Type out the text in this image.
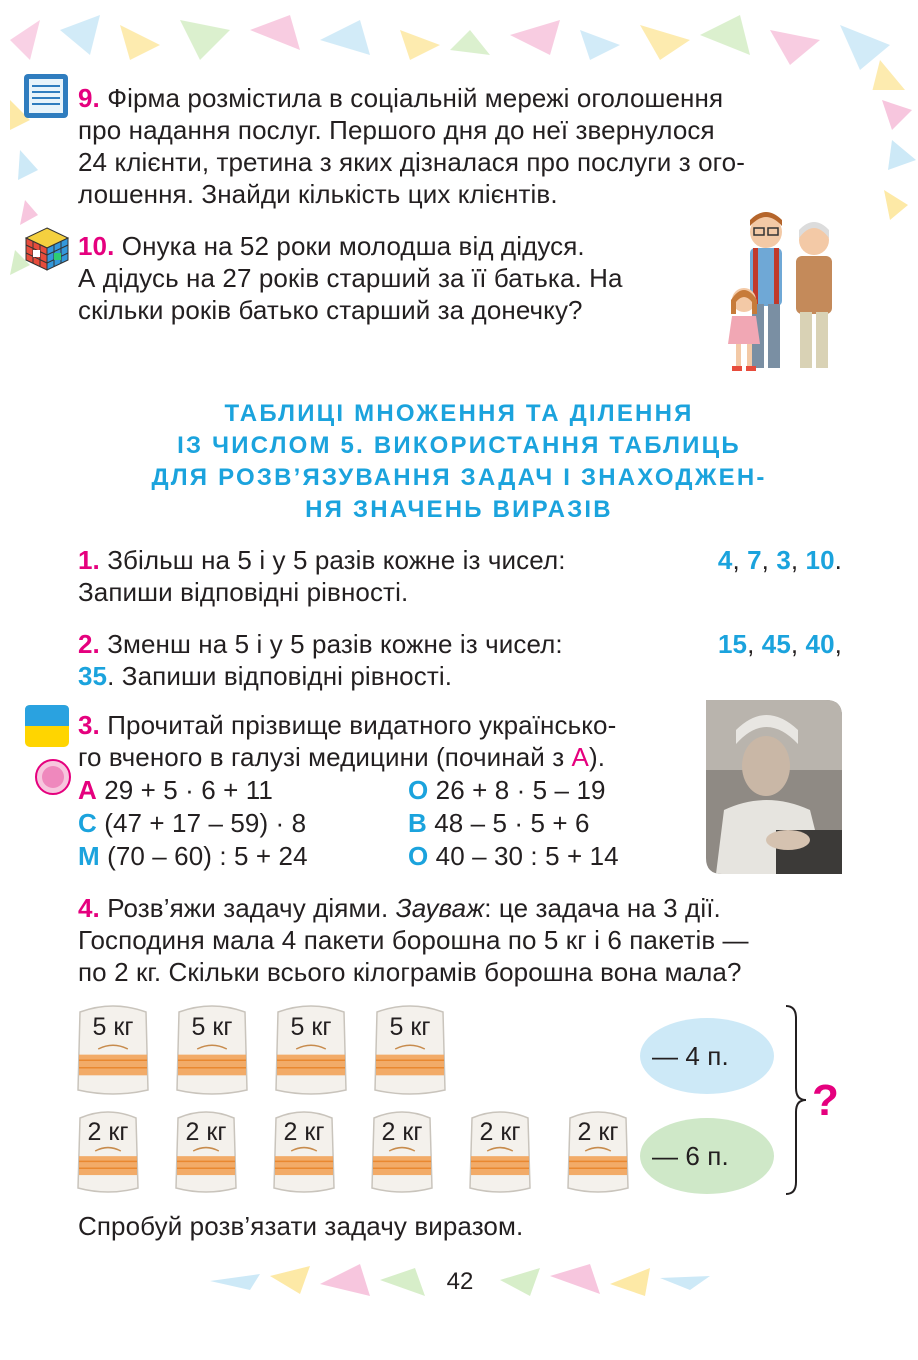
9. Фірма розмістила в соціальній мережі оголошення
про надання послуг. Першого дня до неї звернулося
24 клієнти, третина з яких дізналася про послуги з ого-
лошення. Знайди кількість цих клієнтів.
10. Онука на 52 роки молодша від дідуся.
А дідусь на 27 років старший за її батька. На
скільки років батько старший за донечку?
ТАБЛИЦІ МНОЖЕННЯ ТА ДІЛЕННЯ
ІЗ ЧИСЛОМ 5. ВИКОРИСТАННЯ ТАБЛИЦЬ
ДЛЯ РОЗВ’ЯЗУВАННЯ ЗАДАЧ І ЗНАХОДЖЕН-
НЯ ЗНАЧЕНЬ ВИРАЗІВ
1. Збільш на 5 і у 5 разів кожне із чисел:	4, 7, 3, 10.
Запиши відповідні рівності.
2. Зменш на 5 і у 5 разів кожне із чисел:	15, 45, 40,
35. Запиши відповідні рівності.
3. Прочитай прізвище видатного українсько-
го вченого в галузі медицини (починай з А).
А 29 + 5 · 6 + 11	О 26 + 8 · 5 – 19
С (47 + 17 – 59) · 8	В 48 – 5 · 5 + 6
М (70 – 60) : 5 + 24	О 40 – 30 : 5 + 14
4. Розв’яжи задачу діями. Зауваж: це задача на 3 дії.
Господиня мала 4 пакети борошна по 5 кг і 6 пакетів —
по 2 кг. Скільки всього кілограмів борошна вона мала?
5 кг	5 кг	5 кг	5 кг
2 кг	2 кг	2 кг	2 кг	2 кг	2 кг
— 4 п.
— 6 п.
?
Спробуй розв’язати задачу виразом.
42
